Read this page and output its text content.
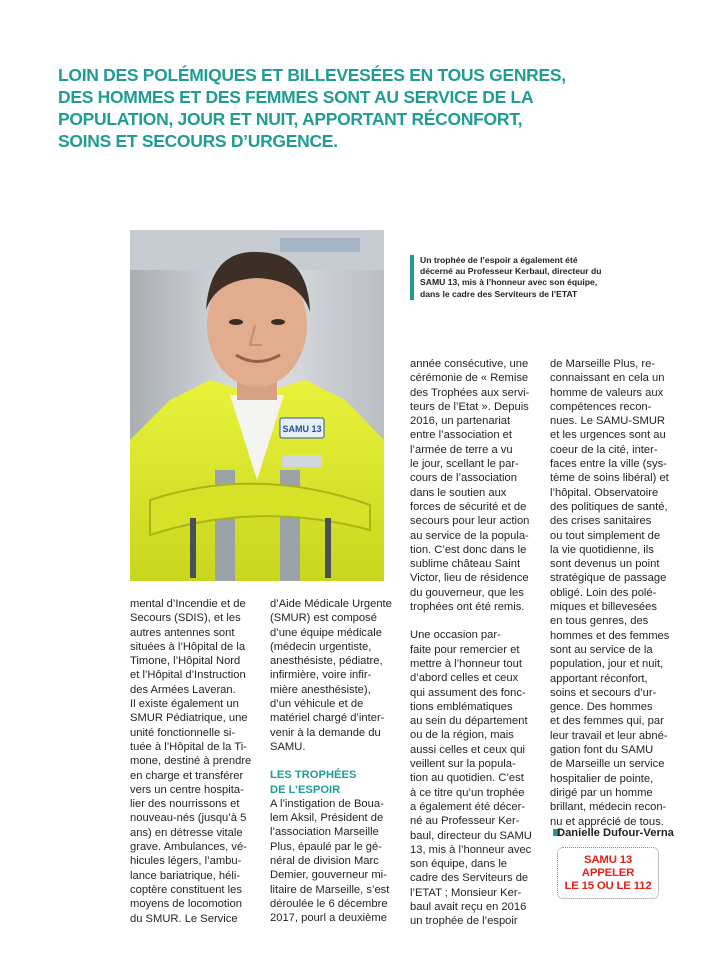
LOIN DES POLÉMIQUES ET BILLEVESÉES EN TOUS GENRES,
DES HOMMES ET DES FEMMES SONT AU SERVICE DE LA
POPULATION, JOUR ET NUIT, APPORTANT RÉCONFORT,
SOINS ET SECOURS D’URGENCE.
SAMU 13
Un trophée de l’espoir a également été
décerné au Professeur Kerbaul, directeur du
SAMU 13, mis à l’honneur avec son équipe,
dans le cadre des Serviteurs de l’ETAT
mental d’Incendie et de
Secours (SDIS), et les
autres antennes sont
situées à l’Hôpital de la
Timone, l’Hôpital Nord
et l’Hôpital d’Instruction
des Armées Laveran.
Il existe également un
SMUR Pédiatrique, une
unité fonctionnelle si-
tuée à l’Hôpital de la Ti-
mone, destiné à prendre
en charge et transférer
vers un centre hospita-
lier des nourrissons et
nouveau-nés (jusqu’à 5
ans) en détresse vitale
grave. Ambulances, vé-
hicules légers, l’ambu-
lance bariatrique, héli-
coptère constituent les
moyens de locomotion
du SMUR. Le Service
d’Aide Médicale Urgente
(SMUR) est composé
d’une équipe médicale
(médecin urgentiste,
anesthésiste, pédiatre,
infirmière, voire infir-
mière anesthésiste),
d’un véhicule et de
matériel chargé d’inter-
venir à la demande du
SAMU.
LES TROPHÉES
DE L’ESPOIR
A l’instigation de Boua-
lem Aksil, Président de
l’association Marseille
Plus, épaulé par le gé-
néral de division Marc
Demier, gouverneur mi-
litaire de Marseille, s’est
déroulée le 6 décembre
2017, pourl a deuxième
année consécutive, une
cérémonie de « Remise
des Trophées aux servi-
teurs de l’Etat ». Depuis
2016, un partenariat
entre l’association et
l’armée de terre a vu
le jour, scellant le par-
cours de l’association
dans le soutien aux
forces de sécurité et de
secours pour leur action
au service de la popula-
tion. C’est donc dans le
sublime château Saint
Victor, lieu de résidence
du gouverneur, que les
trophées ont été remis.
Une occasion par-
faite pour remercier et
mettre à l’honneur tout
d’abord celles et ceux
qui assument des fonc-
tions emblématiques
au sein du département
ou de la région, mais
aussi celles et ceux qui
veillent sur la popula-
tion au quotidien. C’est
à ce titre qu’un trophée
a également été décer-
né au Professeur Ker-
baul, directeur du SAMU
13, mis à l’honneur avec
son équipe, dans le
cadre des Serviteurs de
l’ETAT ; Monsieur Ker-
baul avait reçu en 2016
un trophée de l’espoir
de Marseille Plus, re-
connaissant en cela un
homme de valeurs aux
compétences recon-
nues. Le SAMU-SMUR
et les urgences sont au
coeur de la cité, inter-
faces entre la ville (sys-
tème de soins libéral) et
l’hôpital. Observatoire
des politiques de santé,
des crises sanitaires
ou tout simplement de
la vie quotidienne, ils
sont devenus un point
stratégique de passage
obligé. Loin des polé-
miques et billevesées
en tous genres, des
hommes et des femmes
sont au service de la
population, jour et nuit,
apportant réconfort,
soins et secours d’ur-
gence. Des hommes
et des femmes qui, par
leur travail et leur abné-
gation font du SAMU
de Marseille un service
hospitalier de pointe,
dirigé par un homme
brillant, médecin recon-
nu et apprécié de tous.
Danielle Dufour-Verna
SAMU 13
APPELER
LE 15 OU LE 112
